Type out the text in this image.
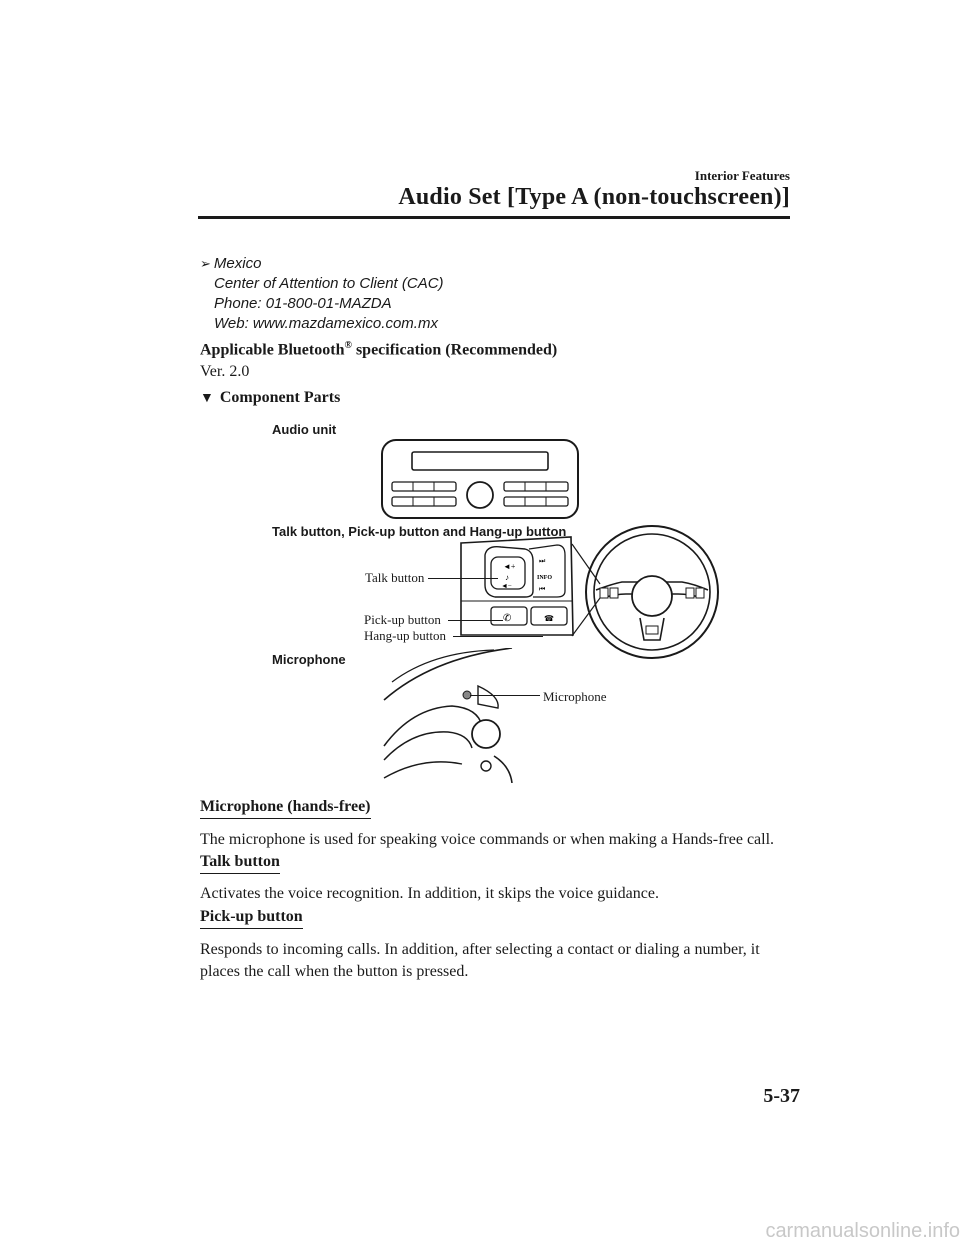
Interior Features
Audio Set [Type A (non-touchscreen)]
➢ Mexico
Center of Attention to Client (CAC)
Phone: 01-800-01-MAZDA
Web: www.mazdamexico.com.mx
Applicable Bluetooth® specification (Recommended)
Ver. 2.0
▼ Component Parts
Audio unit
Talk button, Pick-up button and Hang-up button
Microphone
◄+
♪
◄−
⏭
INFO
⏮
✆	☎
Talk button
Pick-up button
Hang-up button
Microphone
Microphone (hands-free)
The microphone is used for speaking voice commands or when making a Hands-free call.
Talk button
Activates the voice recognition. In addition, it skips the voice guidance.
Pick-up button
Responds to incoming calls. In addition, after selecting a contact or dialing a number, it places the call when the button is pressed.
5-37
carmanualsonline.info
